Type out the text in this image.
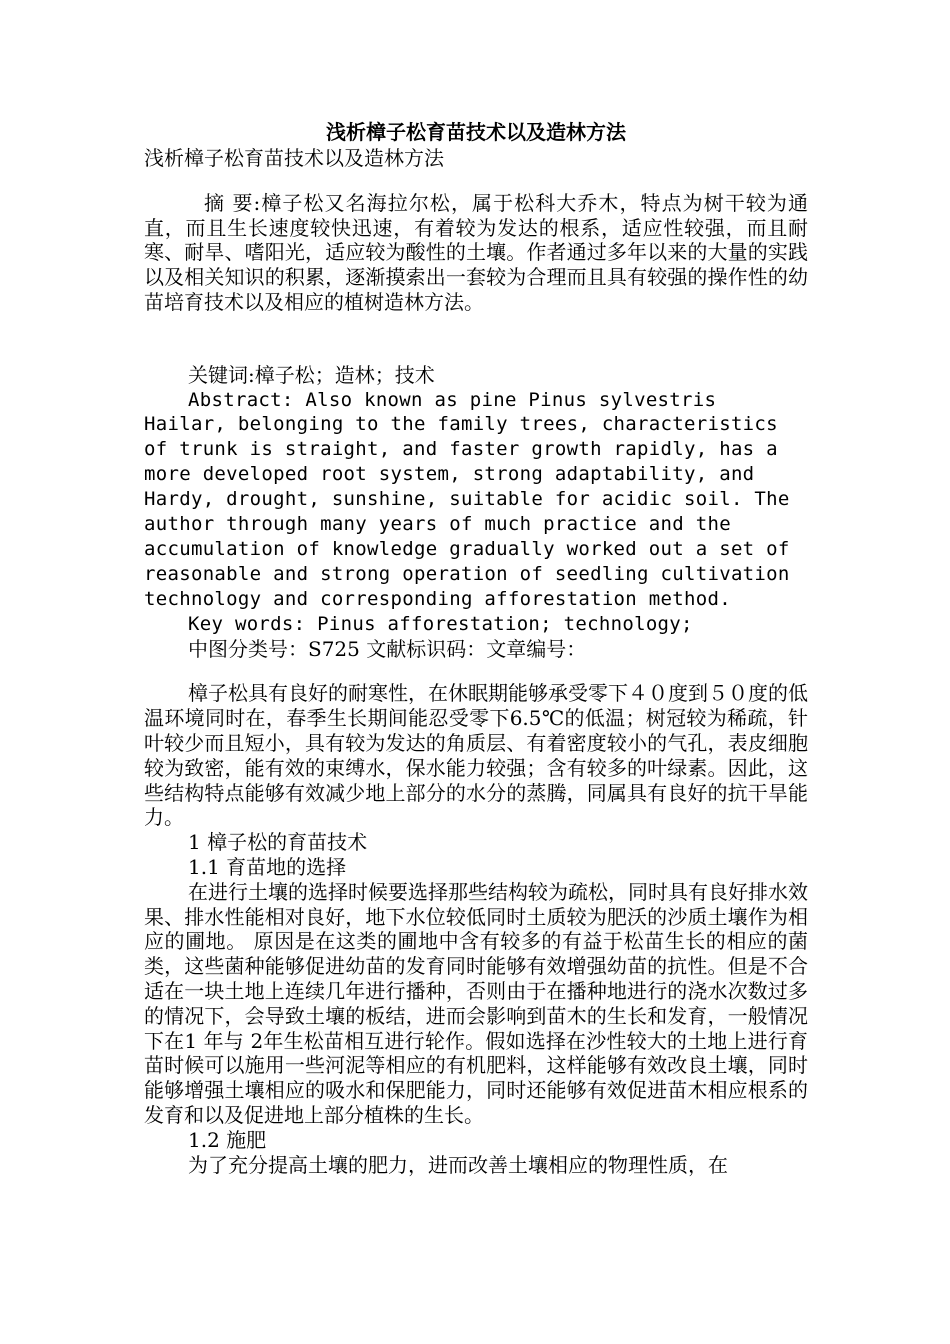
浅析樟子松育苗技术以及造林方法

浅析樟子松育苗技术以及造林方法

摘 要:樟子松又名海拉尔松，属于松科大乔木，特点为树干较为通直，而且生长速度较快迅速，有着较为发达的根系，适应性较强，而且耐寒、耐旱、嗜阳光，适应较为酸性的土壤。作者通过多年以来的大量的实践以及相关知识的积累，逐渐摸索出一套较为合理而且具有较强的操作性的幼苗培育技术以及相应的植树造林方法。

关键词:樟子松；造林；技术

Abstract: Also known as pine Pinus sylvestris Hailar, belonging to the family trees, characteristics of trunk is straight, and faster growth rapidly, has a more developed root system, strong adaptability, and Hardy, drought, sunshine, suitable for acidic soil. The author through many years of much practice and the accumulation of knowledge gradually worked out a set of reasonable and strong operation of seedling cultivation technology and corresponding afforestation method.

Key words: Pinus afforestation; technology;

中图分类号：S725 文献标识码：文章编号：

樟子松具有良好的耐寒性，在休眠期能够承受零下４０度到５０度的低温环境同时在，春季生长期间能忍受零下6.5℃的低温；树冠较为稀疏，针叶较少而且短小，具有较为发达的角质层、有着密度较小的气孔，表皮细胞较为致密，能有效的束缚水，保水能力较强；含有较多的叶绿素。因此，这些结构特点能够有效减少地上部分的水分的蒸腾，同属具有良好的抗干旱能力。

1 樟子松的育苗技术

1.1 育苗地的选择

在进行土壤的选择时候要选择那些结构较为疏松，同时具有良好排水效果、排水性能相对良好，地下水位较低同时土质较为肥沃的沙质土壤作为相应的圃地。 原因是在这类的圃地中含有较多的有益于松苗生长的相应的菌类，这些菌种能够促进幼苗的发育同时能够有效增强幼苗的抗性。但是不合适在一块土地上连续几年进行播种，否则由于在播种地进行的浇水次数过多的情况下，会导致土壤的板结，进而会影响到苗木的生长和发育，一般情况下在1 年与 2年生松苗相互进行轮作。假如选择在沙性较大的土地上进行育苗时候可以施用一些河泥等相应的有机肥料，这样能够有效改良土壤，同时能够增强土壤相应的吸水和保肥能力，同时还能够有效促进苗木相应根系的发育和以及促进地上部分植株的生长。

1.2 施肥

为了充分提高土壤的肥力，进而改善土壤相应的物理性质，在
